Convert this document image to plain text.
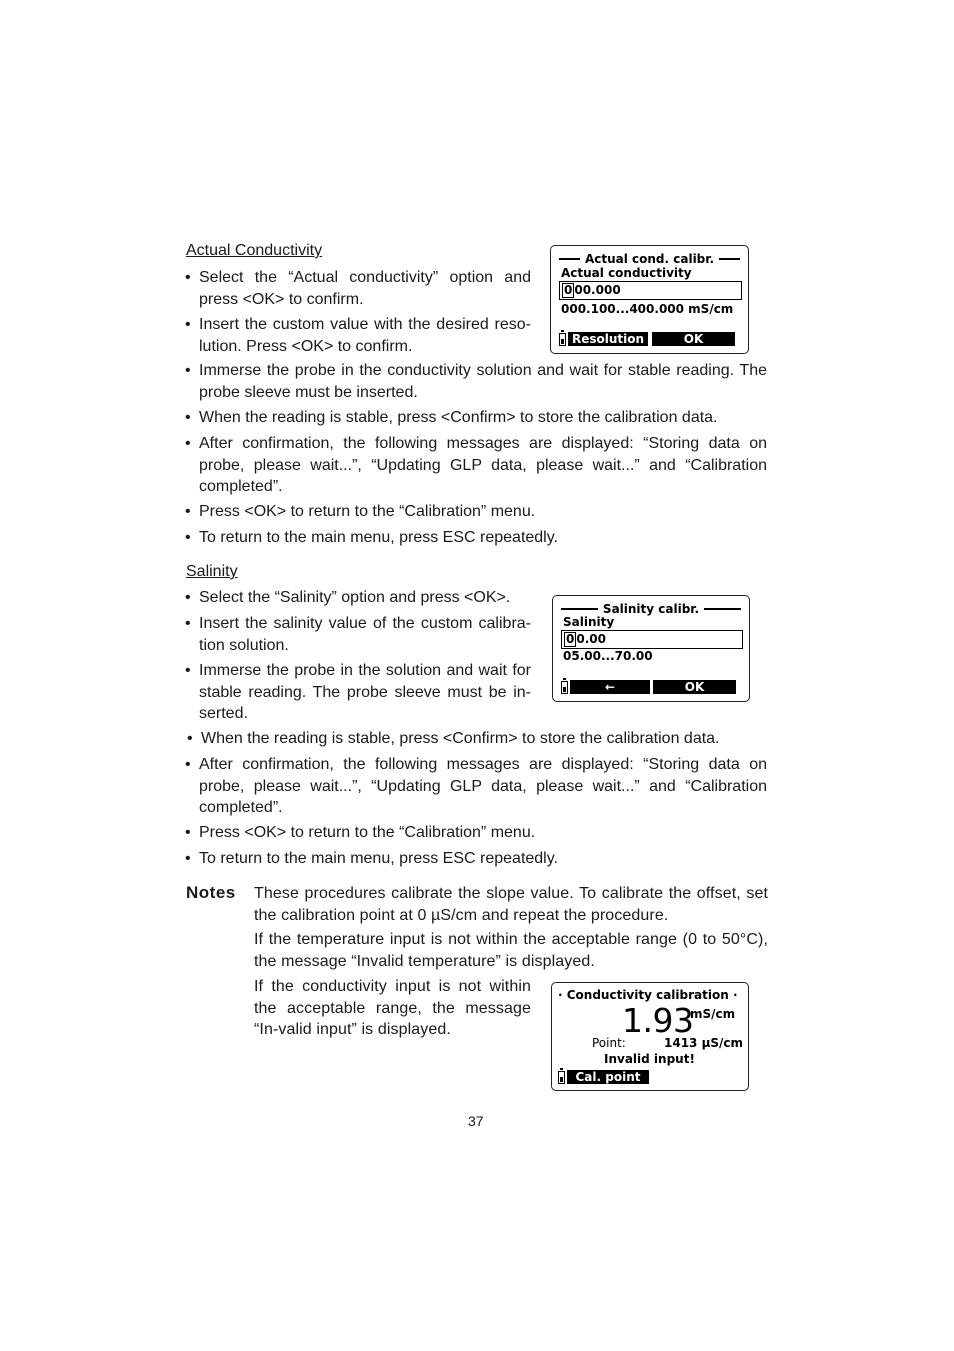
Actual Conductivity
• Select the “Actual conductivity” option and press <OK> to confirm.
• Insert the custom value with the desired reso-lution. Press <OK> to confirm.
• Immerse the probe in the conductivity solution and wait for stable reading. The probe sleeve must be inserted.
• When the reading is stable, press <Confirm> to store the calibration data.
• After confirmation, the following messages are displayed: “Storing data on probe, please wait...”, “Updating GLP data, please wait...” and “Calibration completed”.
• Press <OK> to return to the “Calibration” menu.
• To return to the main menu, press ESC repeatedly.
Actual cond. calibr.
Actual conductivity
0 00.000
000.100...400.000 mS/cm
Resolution	OK
Salinity
• Select the “Salinity” option and press <OK>.
• Insert the salinity value of the custom calibra-tion solution.
• Immerse the probe in the solution and wait for stable reading. The probe sleeve must be in-serted.
• When the reading is stable, press <Confirm> to store the calibration data.
• After confirmation, the following messages are displayed: “Storing data on probe, please wait...”, “Updating GLP data, please wait...” and “Calibration completed”.
• Press <OK> to return to the “Calibration” menu.
• To return to the main menu, press ESC repeatedly.
Salinity calibr.
Salinity
0 0.00
05.00...70.00
←	OK
Notes These procedures calibrate the slope value. To calibrate the offset, set the calibration point at 0 µS/cm and repeat the procedure.
If the temperature input is not within the acceptable range (0 to 50°C), the message “Invalid temperature” is displayed.
If the conductivity input is not within the acceptable range, the message “In-valid input” is displayed.
· Conductivity calibration ·
1.93
mS/cm
Point:	1413 µS/cm
Invalid input!
Cal. point
37
